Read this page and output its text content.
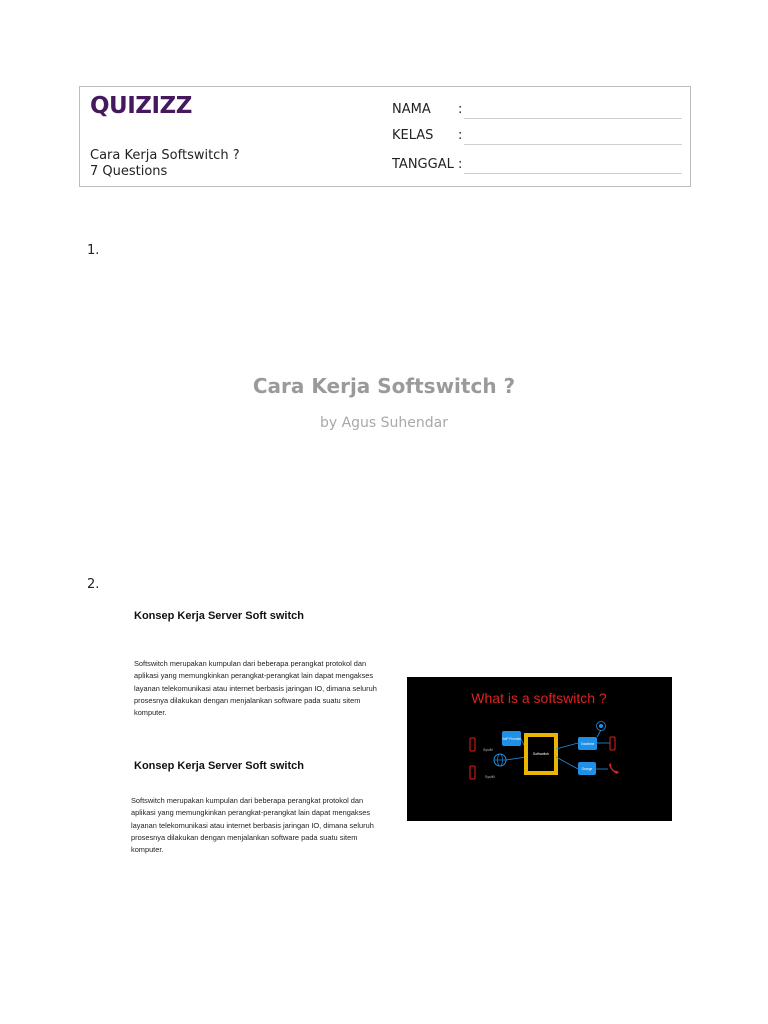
QUIZIZZ
Cara Kerja Softswitch ?
7 Questions
NAMA :
KELAS :
TANGGAL :
1.
Cara Kerja Softswitch ?
by Agus Suhendar
2.
Konsep Kerja Server Soft switch
Softswitch merupakan kumpulan dari beberapa perangkat protokol dan aplikasi yang memungkinkan perangkat-perangkat lain dapat mengakses layanan telekomunikasi atau internet berbasis jaringan IO, dimana seluruh prosesnya dilakukan dengan menjalankan software pada suatu sitem komputer.
Konsep Kerja Server Soft switch
Softswitch merupakan kumpulan dari beberapa perangkat protokol dan aplikasi yang memungkinkan perangkat-perangkat lain dapat mengakses layanan telekomunikasi atau internet berbasis jaringan IO, dimana seluruh prosesnya dilakukan dengan menjalankan software pada suatu sitem komputer.
What is a softswitch ?
SysIM
SysIM
VoIP Provider
Softswitch
Vodafone
Orange
